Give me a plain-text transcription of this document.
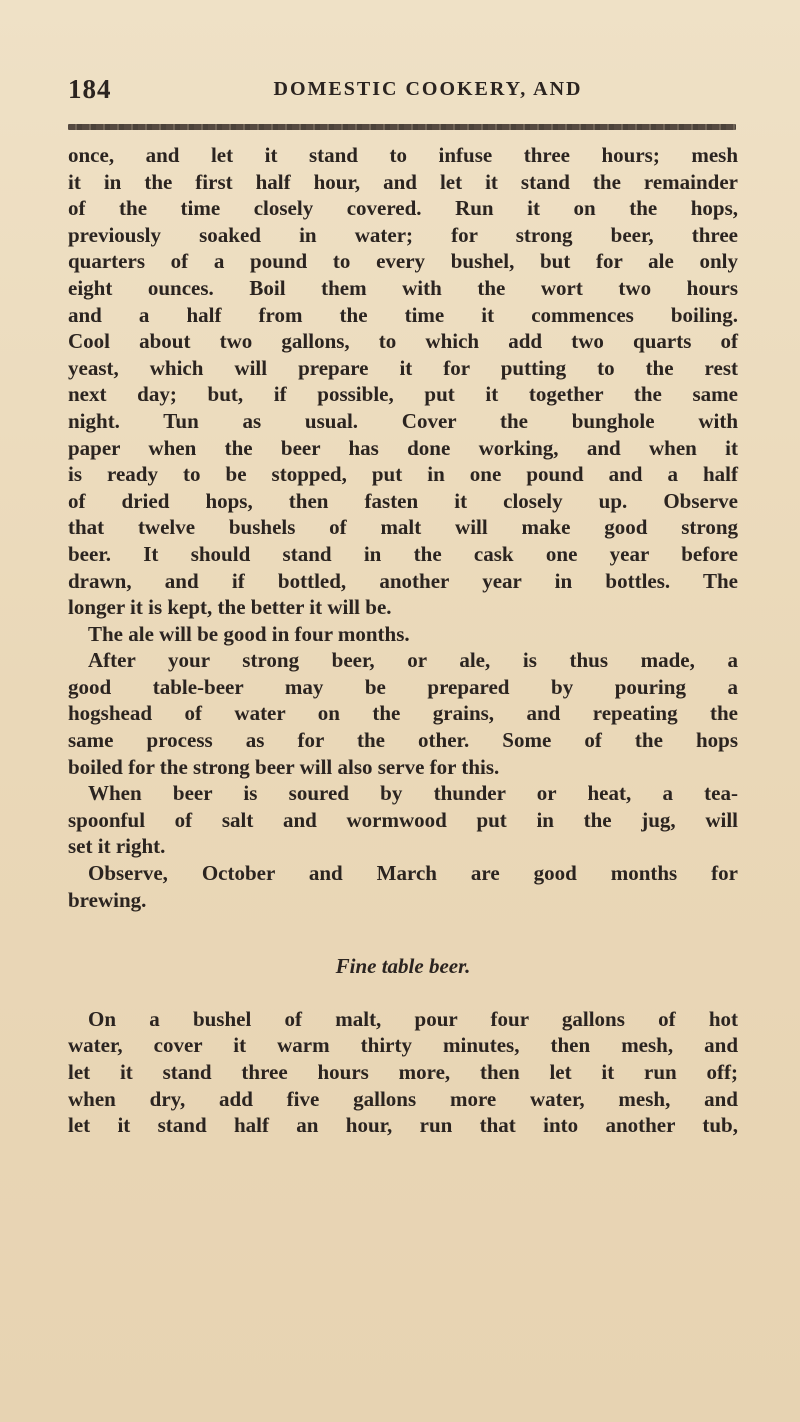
184	DOMESTIC COOKERY, AND

once, and let it stand to infuse three hours; mesh
it in the first half hour, and let it stand the remainder
of the time closely covered. Run it on the hops,
previously soaked in water; for strong beer, three
quarters of a pound to every bushel, but for ale only
eight ounces. Boil them with the wort two hours
and a half from the time it commences boiling.
Cool about two gallons, to which add two quarts of
yeast, which will prepare it for putting to the rest
next day; but, if possible, put it together the same
night. Tun as usual. Cover the bunghole with
paper when the beer has done working, and when it
is ready to be stopped, put in one pound and a half
of dried hops, then fasten it closely up. Observe
that twelve bushels of malt will make good strong
beer. It should stand in the cask one year before
drawn, and if bottled, another year in bottles. The
longer it is kept, the better it will be.

The ale will be good in four months.

After your strong beer, or ale, is thus made, a
good table-beer may be prepared by pouring a
hogshead of water on the grains, and repeating the
same process as for the other. Some of the hops
boiled for the strong beer will also serve for this.

When beer is soured by thunder or heat, a tea-
spoonful of salt and wormwood put in the jug, will
set it right.

Observe, October and March are good months for
brewing.

Fine table beer.

On a bushel of malt, pour four gallons of hot
water, cover it warm thirty minutes, then mesh, and
let it stand three hours more, then let it run off;
when dry, add five gallons more water, mesh, and
let it stand half an hour, run that into another tub,
